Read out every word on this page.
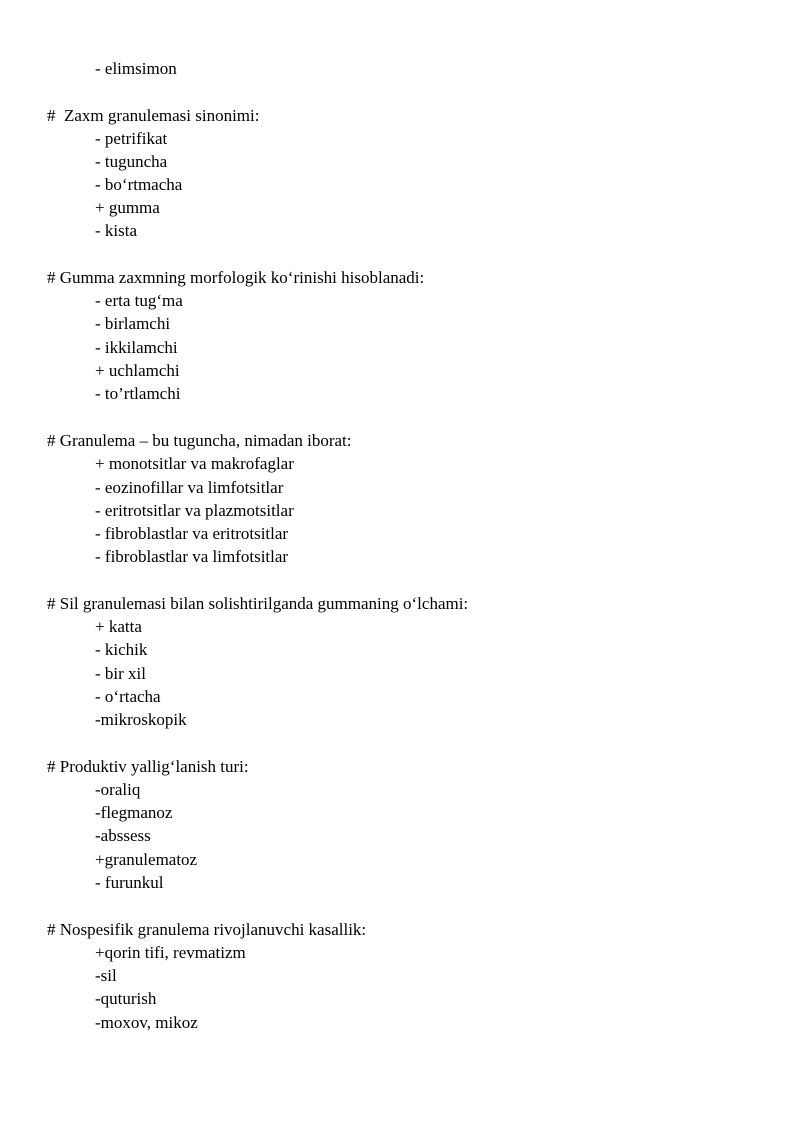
- elimsimon
#  Zaxm granulemasi sinonimi:
- petrifikat
- tuguncha
- boʻrtmacha
+ gumma
- kista
# Gumma zaxmning morfologik koʻrinishi hisoblanadi:
- erta tugʻma
- birlamchi
- ikkilamchi
+ uchlamchi
- to’rtlamchi
# Granulema – bu tuguncha, nimadan iborat:
+ monotsitlar va makrofaglar
- eozinofillar va limfotsitlar
- eritrotsitlar va plazmotsitlar
- fibroblastlar va eritrotsitlar
- fibroblastlar va limfotsitlar
# Sil granulemasi bilan solishtirilganda gummaning oʻlchami:
+ katta
- kichik
- bir xil
- oʻrtacha
-mikroskopik
# Produktiv yalligʻlanish turi:
-oraliq
-flegmanoz
-abssess
+granulematoz
- furunkul
# Nospesifik granulema rivojlanuvchi kasallik:
+qorin tifi, revmatizm
-sil
-quturish
-moxov, mikoz
